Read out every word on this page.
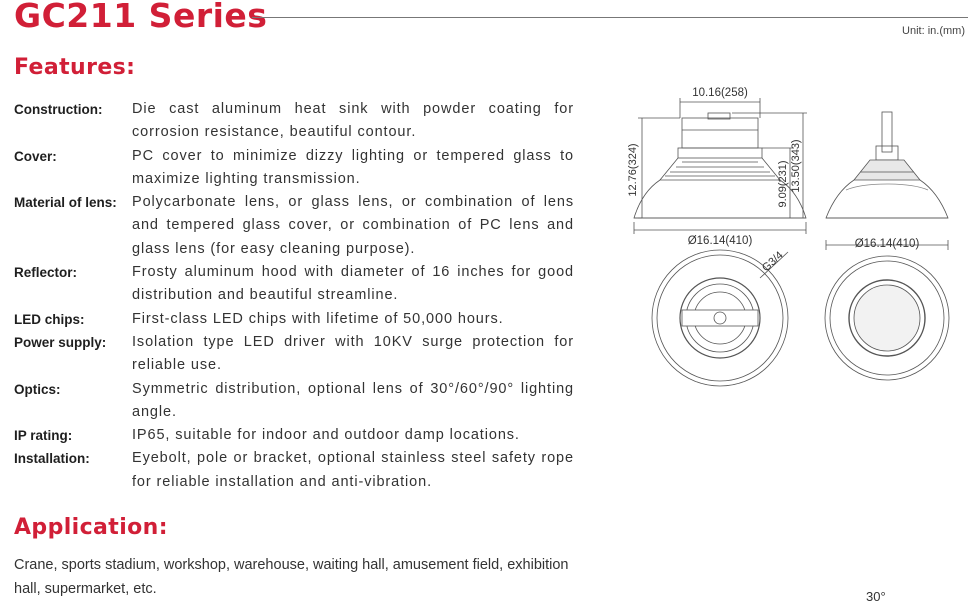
GC211 Series	Unit: in.(mm)
Features:
Construction:	Die cast aluminum heat sink with powder coating for corrosion resistance, beautiful contour.
Cover:	PC cover to minimize dizzy lighting or tempered glass to maximize lighting transmission.
Material of lens:	Polycarbonate lens, or glass lens, or combination of lens and tempered glass cover, or combination of PC lens and glass lens (for easy cleaning purpose).
Reflector:	Frosty aluminum hood with diameter of 16 inches for good distribution and beautiful streamline.
LED chips:	First-class LED chips with lifetime of 50,000 hours.
Power supply:	Isolation type LED driver with 10KV surge protection for reliable use.
Optics:	Symmetric distribution, optional lens of 30°/60°/90° lighting angle.
IP rating:	IP65, suitable for indoor and outdoor damp locations.
Installation:	Eyebolt, pole or bracket, optional stainless steel safety rope for reliable installation and anti-vibration.
Application:
Crane, sports stadium, workshop, warehouse, waiting hall, amusement field, exhibition hall, supermarket, etc.
10.16(258)
12.76(324)	9.09(231) 13.50(343)
Ø16.14(410)	Ø16.14(410)
G3/4
30°
